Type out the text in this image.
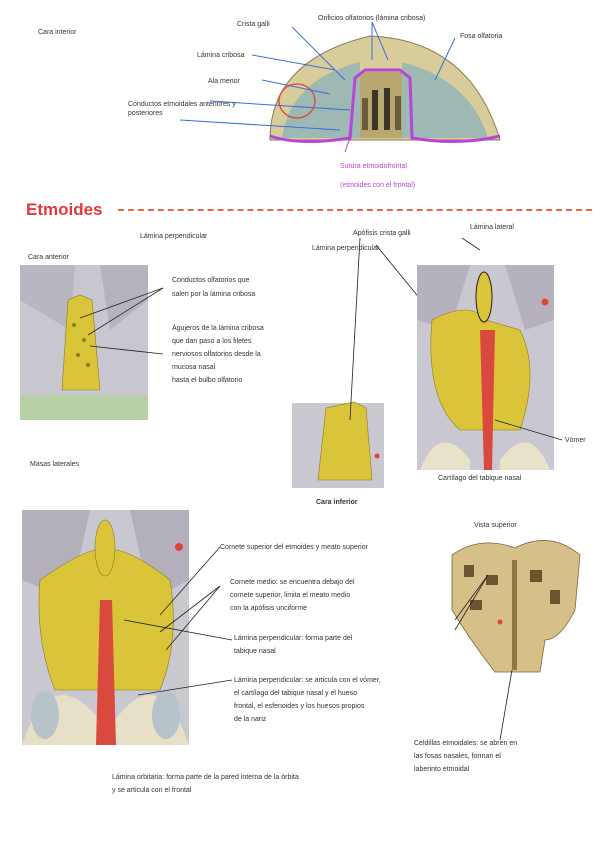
Cara interior
Crista galli
Orificios olfatorios (lámina cribosa)
Fosa olfatoria
Lámina cribosa
Ala menor
Conductos etmoidales anteriores y posteriores
Sutura etmoidofrontal
(etmoides con el frontal)
Etmoides
Lámina perpendicular
Cara anterior
Conductos olfatorios que
salen por la lámina cribosa
Agujeros de la lámina cribosa
que dan paso a los filetes
nerviosos olfatorios desde la
mucosa nasal
hasta el bulbo olfatorio
Apófisis crista galli
Lámina perpendicular
Cara inferior
Lámina lateral
Vómer
Cartílago del tabique nasal
Masas laterales
Cornete superior del etmoides y meato superior
Cornete medio: se encuentra debajo del
cornete superior, limita el meato medio
con la apófisis unciforme
Lámina perpendicular: forma parte del
tabique nasal
Lámina perpendicular: se articula con el vómer,
el cartílago del tabique nasal y el hueso
frontal, el esfenoides y los huesos propios
de la nariz
Lámina orbitaria: forma parte de la pared interna de la órbita
y se articula con el frontal
Vista superior
Celdillas etmoidales: se abren en
las fosas nasales, forman el
laberinto etmoidal
